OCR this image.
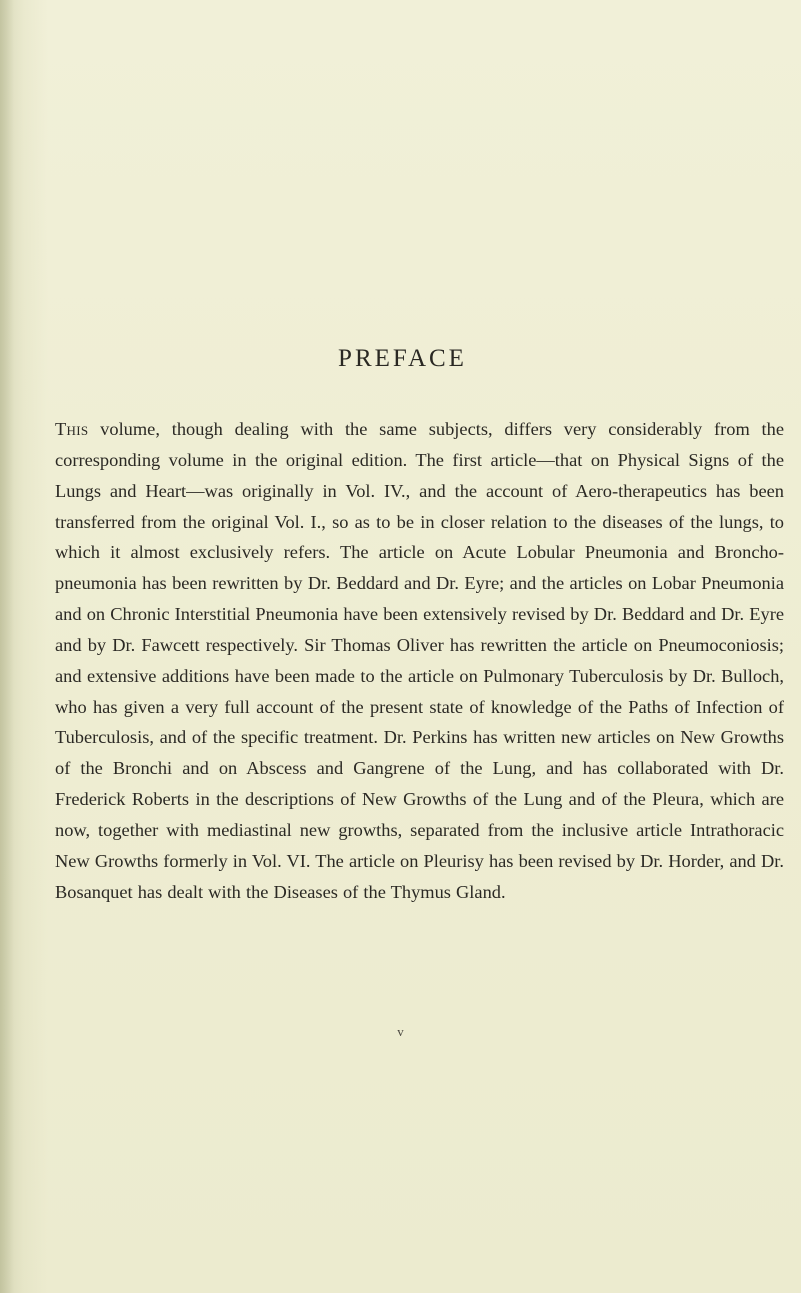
PREFACE

This volume, though dealing with the same subjects, differs very considerably from the corresponding volume in the original edition. The first article—that on Physical Signs of the Lungs and Heart—was originally in Vol. IV., and the account of Aero-therapeutics has been transferred from the original Vol. I., so as to be in closer relation to the diseases of the lungs, to which it almost exclusively refers. The article on Acute Lobular Pneumonia and Broncho-pneumonia has been rewritten by Dr. Beddard and Dr. Eyre; and the articles on Lobar Pneumonia and on Chronic Interstitial Pneumonia have been extensively revised by Dr. Beddard and Dr. Eyre and by Dr. Fawcett respectively. Sir Thomas Oliver has rewritten the article on Pneumoconiosis; and extensive additions have been made to the article on Pulmonary Tuberculosis by Dr. Bulloch, who has given a very full account of the present state of knowledge of the Paths of Infection of Tuberculosis, and of the specific treatment. Dr. Perkins has written new articles on New Growths of the Bronchi and on Abscess and Gangrene of the Lung, and has collaborated with Dr. Frederick Roberts in the descriptions of New Growths of the Lung and of the Pleura, which are now, together with mediastinal new growths, separated from the inclusive article Intrathoracic New Growths formerly in Vol. VI. The article on Pleurisy has been revised by Dr. Horder, and Dr. Bosanquet has dealt with the Diseases of the Thymus Gland.

v
